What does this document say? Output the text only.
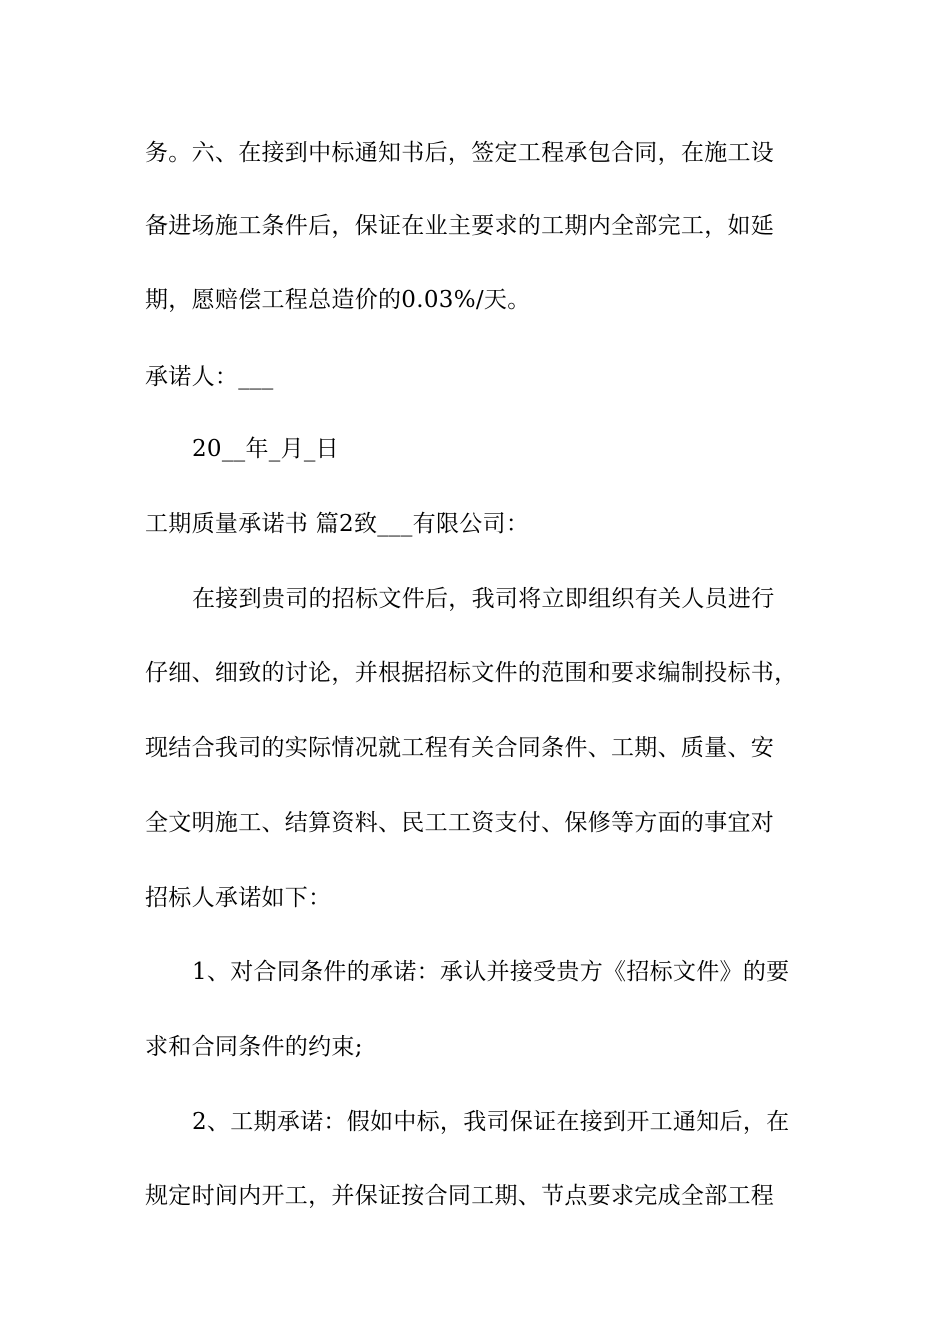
务。六、在接到中标通知书后，签定工程承包合同，在施工设
备进场施工条件后，保证在业主要求的工期内全部完工，如延
期，愿赔偿工程总造价的0.03%/天。
承诺人：___
20__年_月_日
工期质量承诺书 篇2致___有限公司：
在接到贵司的招标文件后，我司将立即组织有关人员进行
仔细、细致的讨论，并根据招标文件的范围和要求编制投标书，
现结合我司的实际情况就工程有关合同条件、工期、质量、安
全文明施工、结算资料、民工工资支付、保修等方面的事宜对
招标人承诺如下：
1、对合同条件的承诺：承认并接受贵方《招标文件》的要
求和合同条件的约束;
2、工期承诺：假如中标，我司保证在接到开工通知后，在
规定时间内开工，并保证按合同工期、节点要求完成全部工程
